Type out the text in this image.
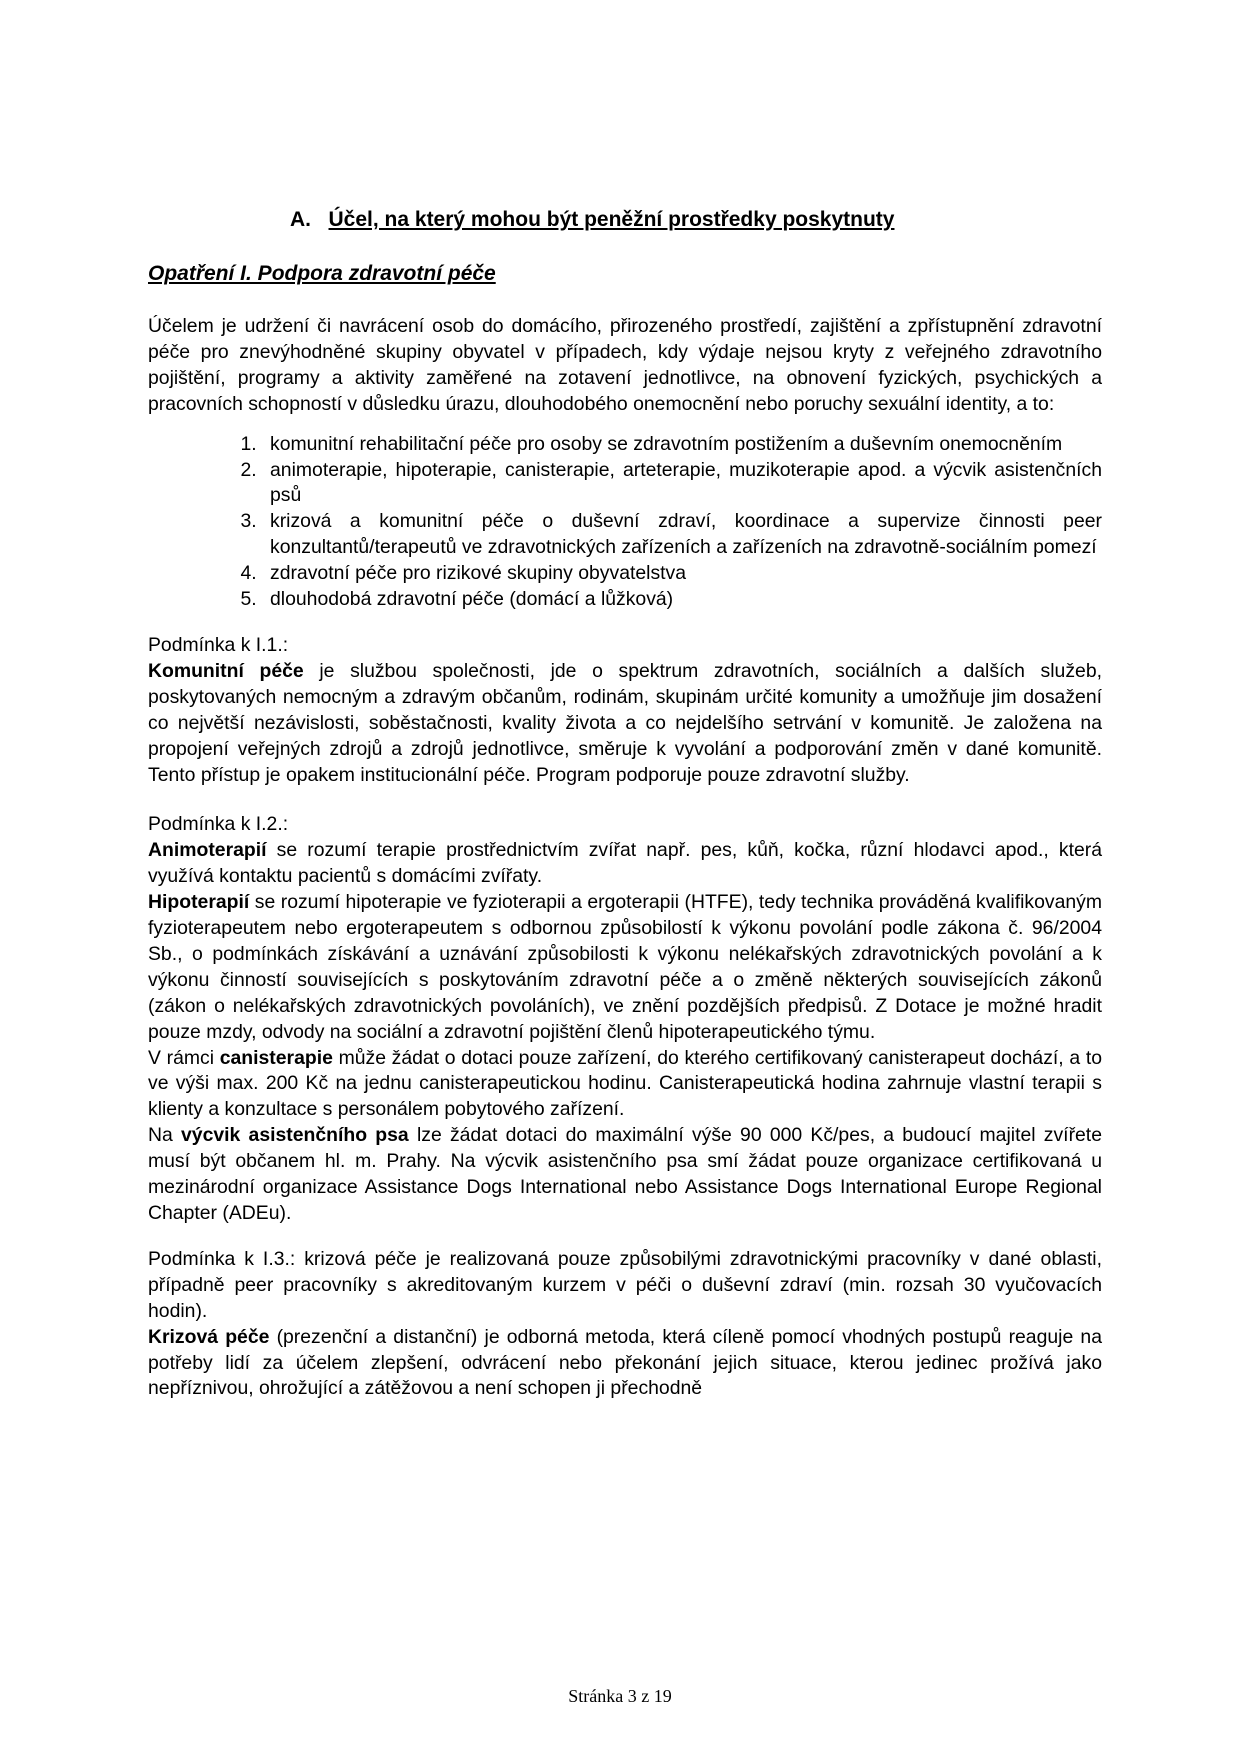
A. Účel, na který mohou být peněžní prostředky poskytnuty
Opatření I. Podpora zdravotní péče

Účelem je udržení či navrácení osob do domácího, přirozeného prostředí, zajištění a zpřístupnění zdravotní péče pro znevýhodněné skupiny obyvatel v případech, kdy výdaje nejsou kryty z veřejného zdravotního pojištění, programy a aktivity zaměřené na zotavení jednotlivce, na obnovení fyzických, psychických a pracovních schopností v důsledku úrazu, dlouhodobého onemocnění nebo poruchy sexuální identity, a to:

1. komunitní rehabilitační péče pro osoby se zdravotním postižením a duševním onemocněním
2. animoterapie, hipoterapie, canisterapie, arteterapie, muzikoterapie apod. a výcvik asistenčních psů
3. krizová a komunitní péče o duševní zdraví, koordinace a supervize činnosti peer konzultantů/terapeutů ve zdravotnických zařízeních a zařízeních na zdravotně-sociálním pomezí
4. zdravotní péče pro rizikové skupiny obyvatelstva
5. dlouhodobá zdravotní péče (domácí a lůžková)

Podmínka k I.1.:

Komunitní péče je službou společnosti, jde o spektrum zdravotních, sociálních a dalších služeb, poskytovaných nemocným a zdravým občanům, rodinám, skupinám určité komunity a umožňuje jim dosažení co největší nezávislosti, soběstačnosti, kvality života a co nejdelšího setrvání v komunitě. Je založena na propojení veřejných zdrojů a zdrojů jednotlivce, směruje k vyvolání a podporování změn v dané komunitě. Tento přístup je opakem institucionální péče. Program podporuje pouze zdravotní služby.

Podmínka k I.2.:

Animoterapií se rozumí terapie prostřednictvím zvířat např. pes, kůň, kočka, různí hlodavci apod., která využívá kontaktu pacientů s domácími zvířaty.

Hipoterapií se rozumí hipoterapie ve fyzioterapii a ergoterapii (HTFE), tedy technika prováděná kvalifikovaným fyzioterapeutem nebo ergoterapeutem s odbornou způsobilostí k výkonu povolání podle zákona č. 96/2004 Sb., o podmínkách získávání a uznávání způsobilosti k výkonu nelékařských zdravotnických povolání a k výkonu činností souvisejících s poskytováním zdravotní péče a o změně některých souvisejících zákonů (zákon o nelékařských zdravotnických povoláních), ve znění pozdějších předpisů. Z Dotace je možné hradit pouze mzdy, odvody na sociální a zdravotní pojištění členů hipoterapeutického týmu.

V rámci canisterapie může žádat o dotaci pouze zařízení, do kterého certifikovaný canisterapeut dochází, a to ve výši max. 200 Kč na jednu canisterapeutickou hodinu. Canisterapeutická hodina zahrnuje vlastní terapii s klienty a konzultace s personálem pobytového zařízení.

Na výcvik asistenčního psa lze žádat dotaci do maximální výše 90 000 Kč/pes, a budoucí majitel zvířete musí být občanem hl. m. Prahy. Na výcvik asistenčního psa smí žádat pouze organizace certifikovaná u mezinárodní organizace Assistance Dogs International nebo Assistance Dogs International Europe Regional Chapter (ADEu).

Podmínka k I.3.: krizová péče je realizovaná pouze způsobilými zdravotnickými pracovníky v dané oblasti, případně peer pracovníky s akreditovaným kurzem v péči o duševní zdraví (min. rozsah 30 vyučovacích hodin).

Krizová péče (prezenční a distanční) je odborná metoda, která cíleně pomocí vhodných postupů reaguje na potřeby lidí za účelem zlepšení, odvrácení nebo překonání jejich situace, kterou jedinec prožívá jako nepříznivou, ohrožující a zátěžovou a není schopen ji přechodně

Stránka 3 z 19
